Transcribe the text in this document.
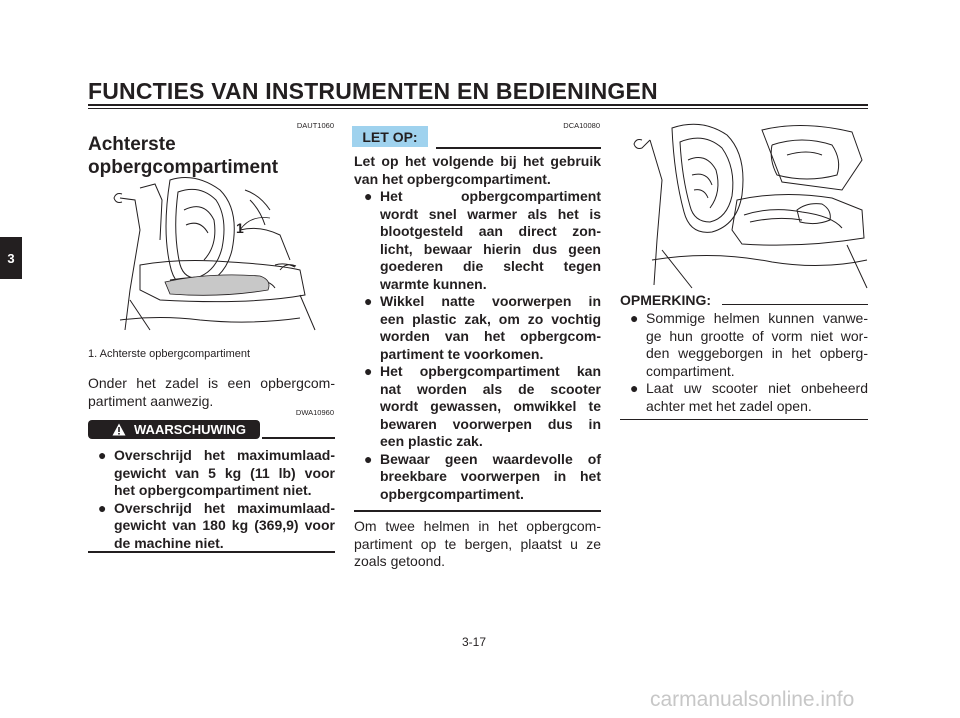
FUNCTIES VAN INSTRUMENTEN EN BEDIENINGEN
3
DAUT1060
Achterste
opbergcompartiment
1
1. Achterste opbergcompartiment
Onder het zadel is een opbergcom-
partiment aanwezig.
DWA10960
WAARSCHUWING
● Overschrijd het maximumlaad-
gewicht van 5 kg (11 lb) voor
het opbergcompartiment niet.
● Overschrijd het maximumlaad-
gewicht van 180 kg (369,9) voor
de machine niet.
DCA10080
LET OP:
Let op het volgende bij het gebruik
van het opbergcompartiment.
● Het opbergcompartiment
wordt snel warmer als het is
blootgesteld aan direct zon-
licht, bewaar hierin dus geen
goederen die slecht tegen
warmte kunnen.
● Wikkel natte voorwerpen in
een plastic zak, om zo vochtig
worden van het opbergcom-
partiment te voorkomen.
● Het opbergcompartiment kan
nat worden als de scooter
wordt gewassen, omwikkel te
bewaren voorwerpen dus in
een plastic zak.
● Bewaar geen waardevolle of
breekbare voorwerpen in het
opbergcompartiment.
Om twee helmen in het opbergcom-
partiment op te bergen, plaatst u ze
zoals getoond.
OPMERKING:
● Sommige helmen kunnen vanwe-
ge hun grootte of vorm niet wor-
den weggeborgen in het opberg-
compartiment.
● Laat uw scooter niet onbeheerd
achter met het zadel open.
3-17
carmanualsonline.info
